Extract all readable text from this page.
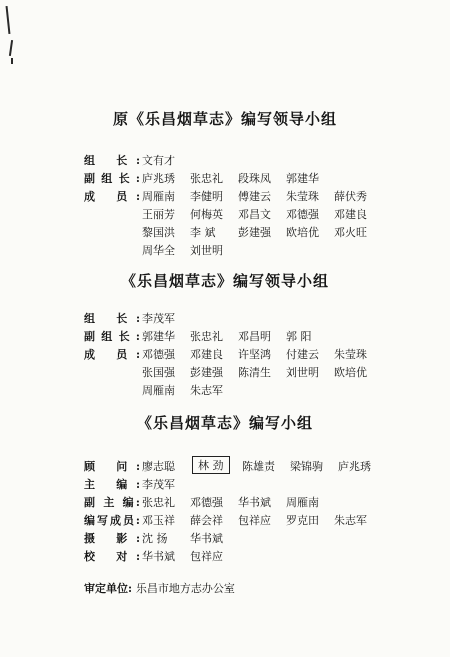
原《乐昌烟草志》编写领导小组
组 长: 文有才
副组长: 庐兆琇 张忠礼 段珠凤 郭建华
成 员: 周雁南 李健明 傅建云 朱莹珠 薛伏秀
王丽芳 何梅英 邓昌文 邓德强 邓建良
黎国洪 李 斌 彭建强 欧培优 邓火旺
周华全 刘世明
《乐昌烟草志》编写领导小组
组 长: 李茂军
副组长: 郭建华 张忠礼 邓昌明 郭 阳
成 员: 邓德强 邓建良 许坚鸿 付建云 朱莹珠
张国强 彭建强 陈清生 刘世明 欧培优
周雁南 朱志军
《乐昌烟草志》编写小组
顾 问: 廖志聪	林 劲	陈雄责 梁锦驹 庐兆琇
主 编: 李茂军
副 主 编: 张忠礼 邓德强 华书斌 周雁南
编写成员: 邓玉祥 薛会祥 包祥应 罗克田 朱志军
摄 影: 沈 扬 华书斌
校 对: 华书斌 包祥应
审定单位: 乐昌市地方志办公室
